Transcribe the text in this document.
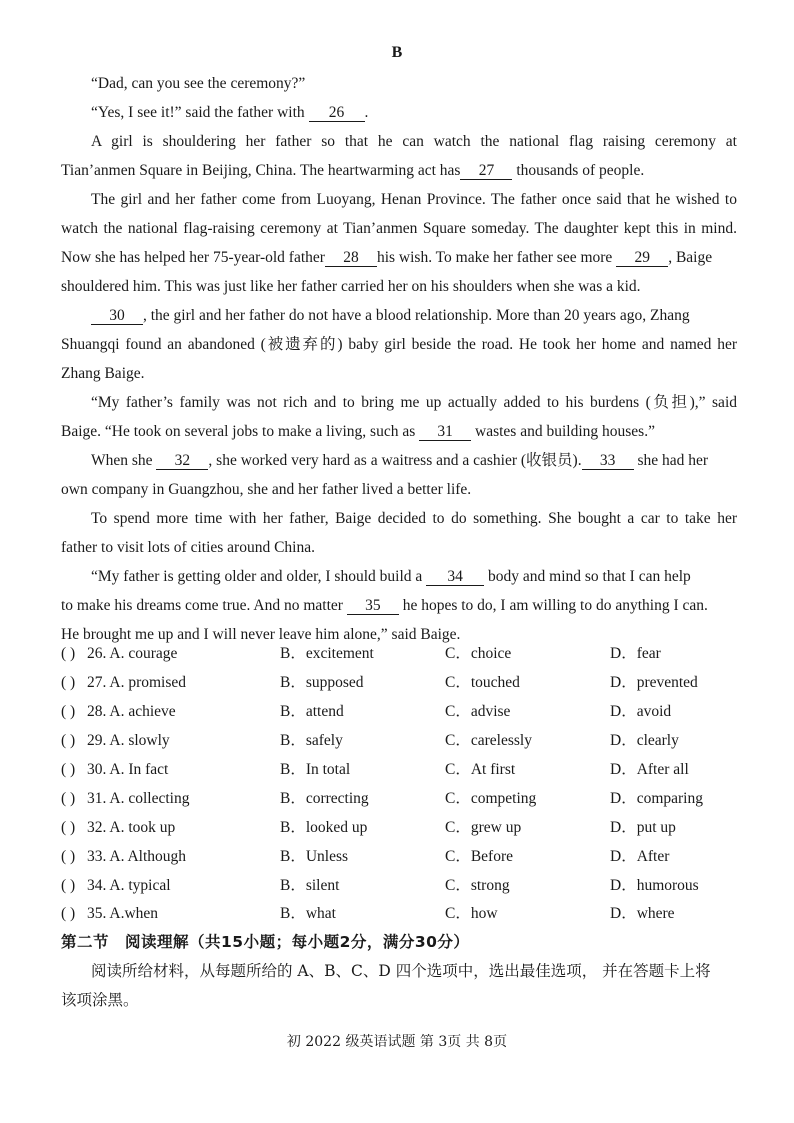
B
“Dad, can you see the ceremony?”
“Yes, I see it!” said the father with 26 .
A girl is shouldering her father so that he can watch the national flag raising ceremony at
Tian’anmen Square in Beijing, China. The heartwarming act has 27 thousands of people.
The girl and her father come from Luoyang, Henan Province. The father once said that he wished to
watch the national flag-raising ceremony at Tian’anmen Square someday. The daughter kept this in mind.
Now she has helped her 75-year-old father 28 his wish. To make her father see more 29 , Baige
shouldered him. This was just like her father carried her on his shoulders when she was a kid.
30 , the girl and her father do not have a blood relationship. More than 20 years ago, Zhang
Shuangqi found an abandoned (被遗弃的) baby girl beside the road. He took her home and named her
Zhang Baige.
“My father’s family was not rich and to bring me up actually added to his burdens (负担),” said
Baige. “He took on several jobs to make a living, such as 31 wastes and building houses.”
When she 32 , she worked very hard as a waitress and a cashier (收银员). 33 she had her
own company in Guangzhou, she and her father lived a better life.
To spend more time with her father, Baige decided to do something. She bought a car to take her
father to visit lots of cities around China.
“My father is getting older and older, I should build a 34 body and mind so that I can help
to make his dreams come true. And no matter 35 he hopes to do, I am willing to do anything I can.
He brought me up and I will never leave him alone,” said Baige.
( ) 26. A. courage	B．excitement	C．choice	D．fear
( ) 27. A. promised	B．supposed	C．touched	D．prevented
( ) 28. A. achieve	B．attend	C．advise	D．avoid
( ) 29. A. slowly	B．safely	C．carelessly	D．clearly
( ) 30. A. In fact	B．In total	C．At first	D．After all
( ) 31. A. collecting	B．correcting	C．competing	D．comparing
( ) 32. A. took up	B．looked up	C．grew up	D．put up
( ) 33. A. Although	B．Unless	C．Before	D．After
( ) 34. A. typical	B．silent	C．strong	D．humorous
( ) 35. A.when	B．what	C．how	D．where
第二节　阅读理解（共15小题；每小题2分，满分30分）
阅读所给材料，从每题所给的 A、B、C、D 四个选项中，选出最佳选项， 并在答题卡上将
该项涂黑。
初 2022 级英语试题 第 3页 共 8页
